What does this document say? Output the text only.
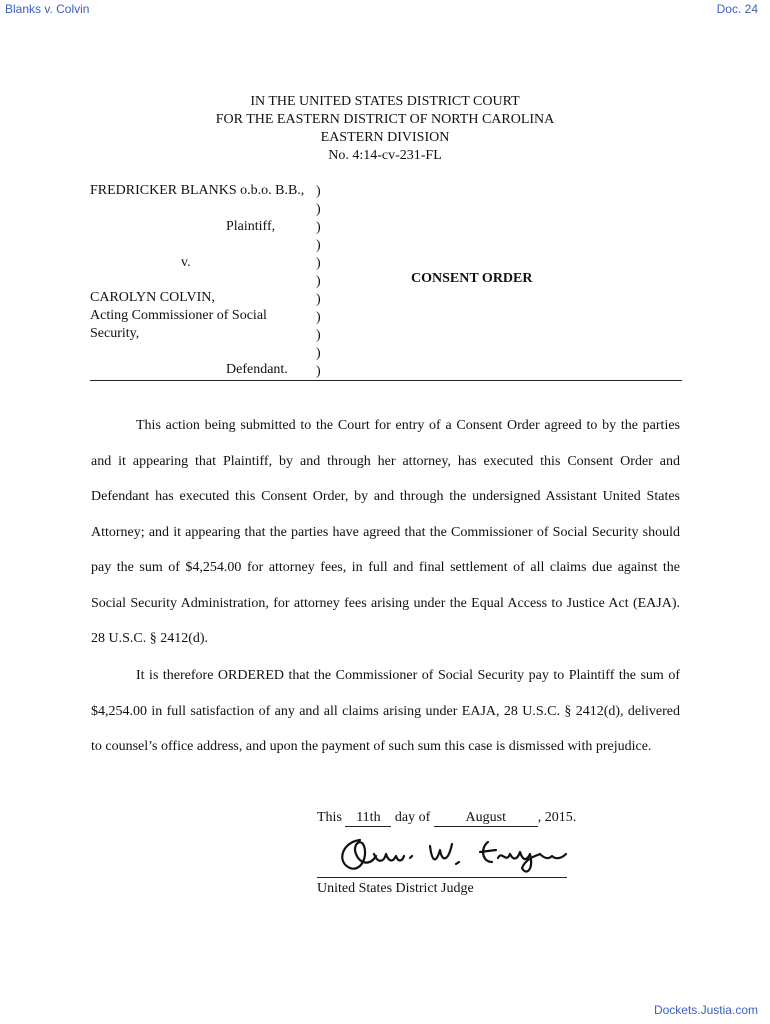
Blanks v. Colvin	Doc. 24
IN THE UNITED STATES DISTRICT COURT
FOR THE EASTERN DISTRICT OF NORTH CAROLINA
EASTERN DIVISION
No. 4:14-cv-231-FL
FREDRICKER BLANKS o.b.o. B.B.,
Plaintiff,
v.
CAROLYN COLVIN,
Acting Commissioner of Social
Security,
Defendant.
)
)
)
)
)
)
)
)
)
)
)
CONSENT ORDER

This action being submitted to the Court for entry of a Consent Order agreed to by the parties and it appearing that Plaintiff, by and through her attorney, has executed this Consent Order and Defendant has executed this Consent Order, by and through the undersigned Assistant United States Attorney; and it appearing that the parties have agreed that the Commissioner of Social Security should pay the sum of $4,254.00 for attorney fees, in full and final settlement of all claims due against the Social Security Administration, for attorney fees arising under the Equal Access to Justice Act (EAJA). 28 U.S.C. § 2412(d).

It is therefore ORDERED that the Commissioner of Social Security pay to Plaintiff the sum of $4,254.00 in full satisfaction of any and all claims arising under EAJA, 28 U.S.C. § 2412(d), delivered to counsel’s office address, and upon the payment of such sum this case is dismissed with prejudice.

This 11th day of	August , 2015.
United States District Judge
Dockets.Justia.com
